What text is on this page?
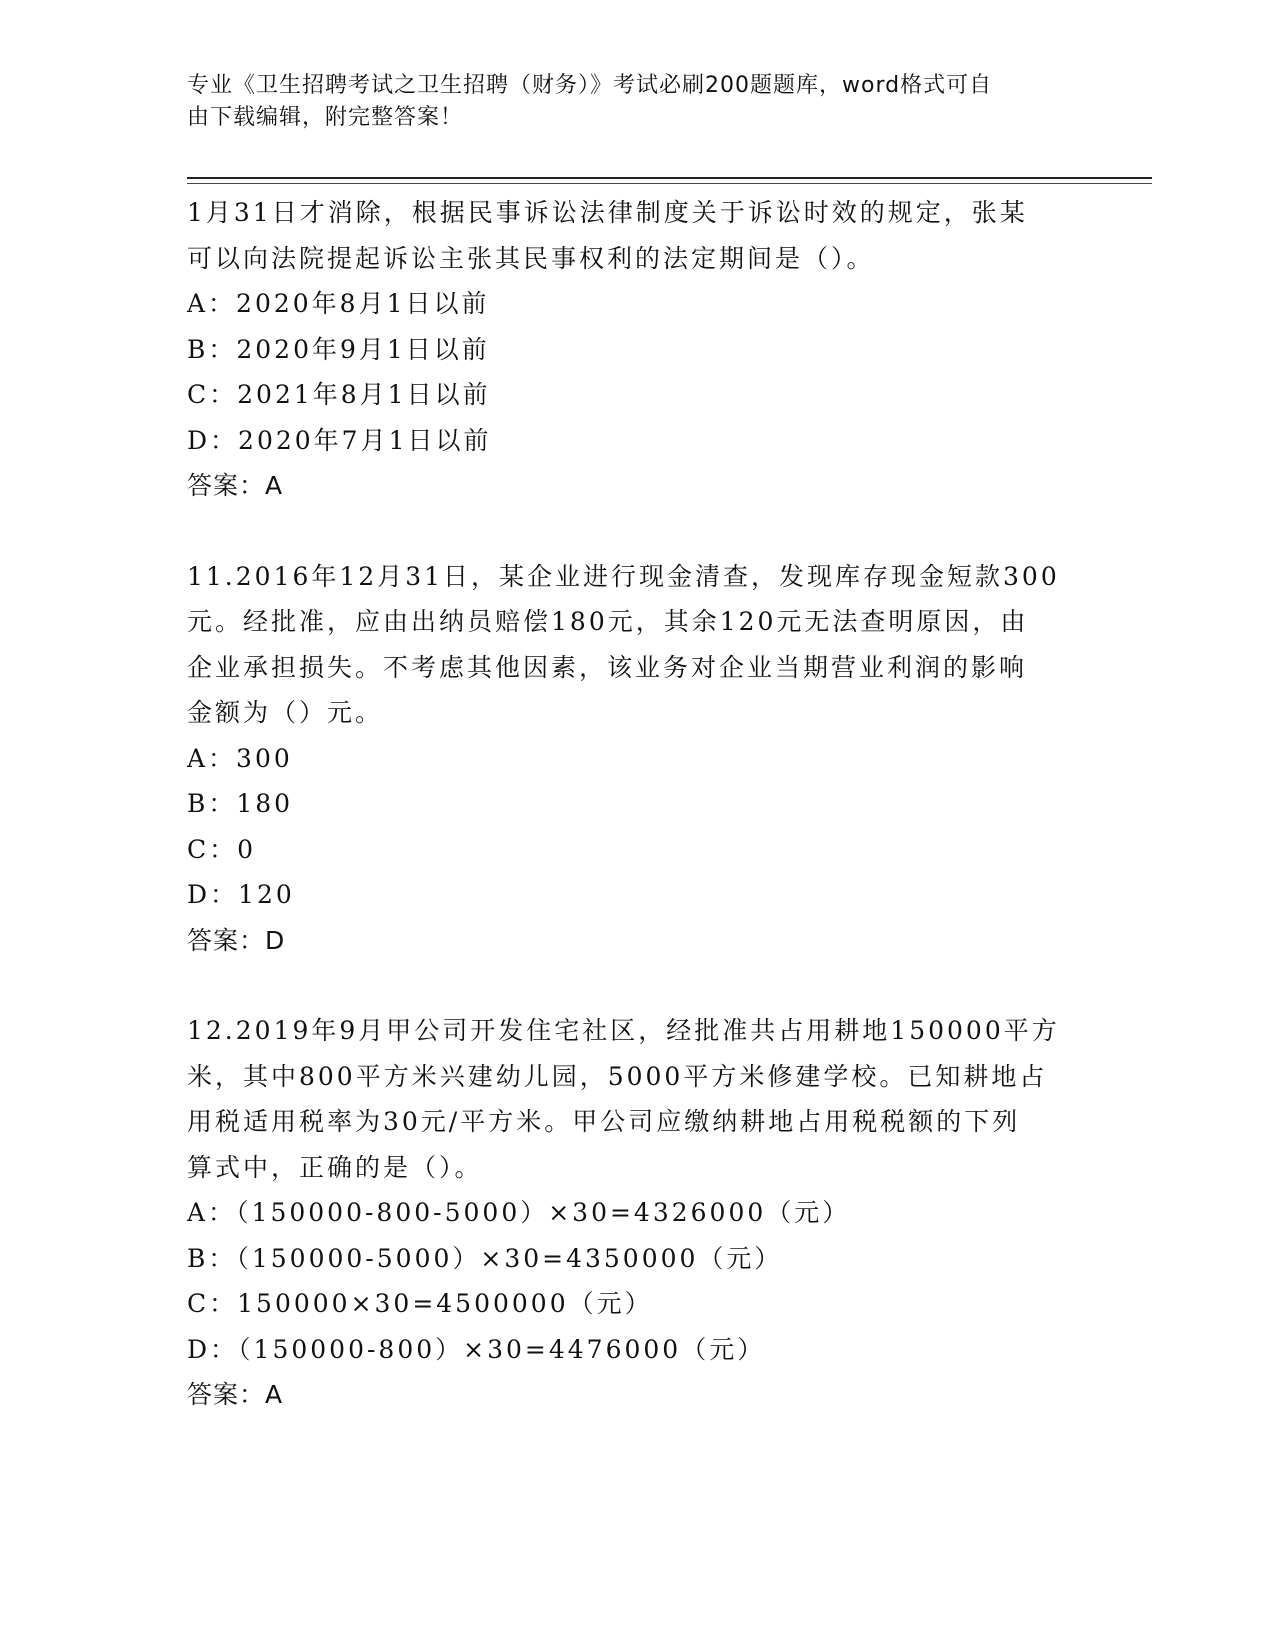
专业《卫生招聘考试之卫生招聘（财务）》考试必刷200题题库，word格式可自
由下载编辑，附完整答案！

1月31日才消除，根据民事诉讼法律制度关于诉讼时效的规定，张某

可以向法院提起诉讼主张其民事权利的法定期间是（）。

A：2020年8月1日以前

B：2020年9月1日以前

C：2021年8月1日以前

D：2020年7月1日以前

答案：A

11.2016年12月31日，某企业进行现金清查，发现库存现金短款300

元。经批准，应由出纳员赔偿180元，其余120元无法查明原因，由

企业承担损失。不考虑其他因素，该业务对企业当期营业利润的影响

金额为（）元。

A：300

B：180

C：0

D：120

答案：D

12.2019年9月甲公司开发住宅社区，经批准共占用耕地150000平方

米，其中800平方米兴建幼儿园，5000平方米修建学校。已知耕地占

用税适用税率为30元/平方米。甲公司应缴纳耕地占用税税额的下列

算式中，正确的是（）。

A：（150000-800-5000）×30=4326000（元）

B：（150000-5000）×30=4350000（元）

C：150000×30=4500000（元）

D：（150000-800）×30=4476000（元）

答案：A
